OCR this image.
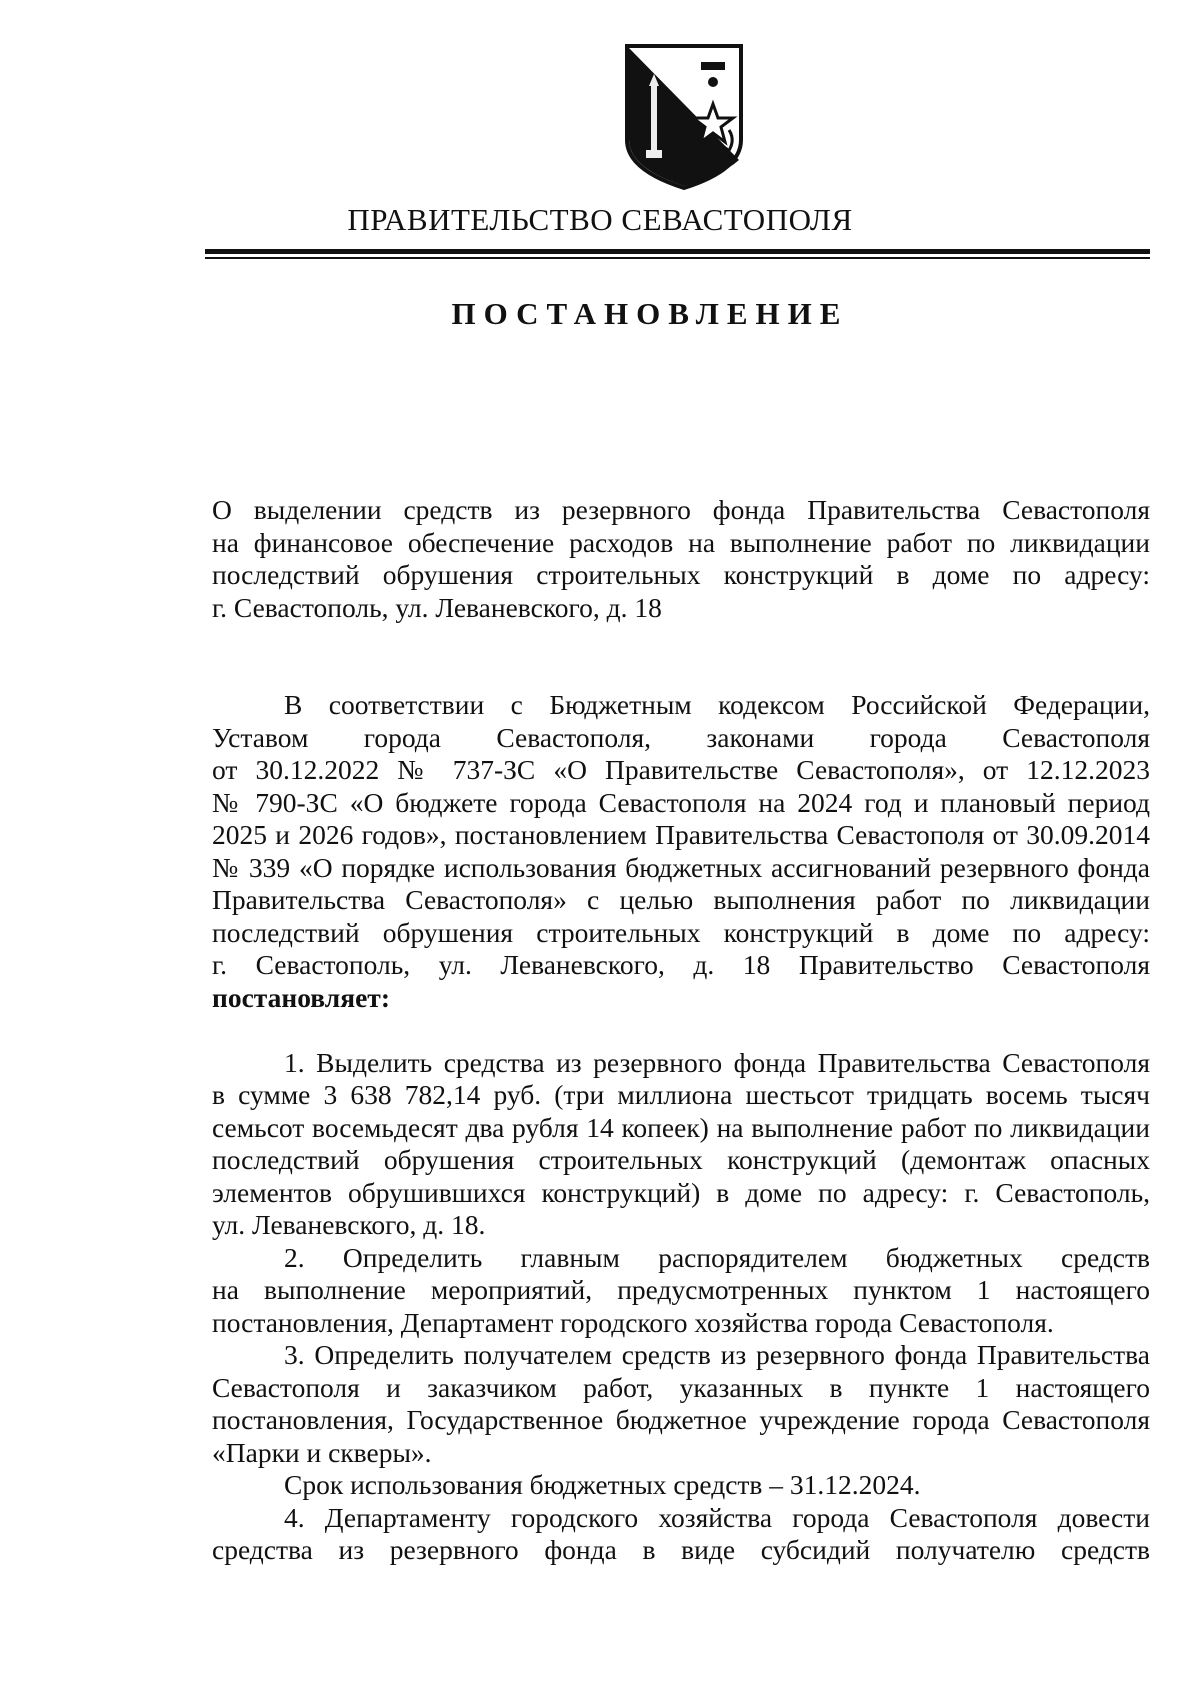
ПРАВИТЕЛЬСТВО СЕВАСТОПОЛЯ
ПОСТАНОВЛЕНИЕ
О выделении средств из резервного фонда Правительства Севастополя
на финансовое обеспечение расходов на выполнение работ по ликвидации
последствий обрушения строительных конструкций в доме по адресу:
г. Севастополь, ул. Леваневского, д. 18
В соответствии с Бюджетным кодексом Российской Федерации,
Уставом города Севастополя, законами города Севастополя
от 30.12.2022 № 737-ЗС «О Правительстве Севастополя», от 12.12.2023
№ 790-ЗС «О бюджете города Севастополя на 2024 год и плановый период
2025 и 2026 годов», постановлением Правительства Севастополя от 30.09.2014
№ 339 «О порядке использования бюджетных ассигнований резервного фонда
Правительства Севастополя» с целью выполнения работ по ликвидации
последствий обрушения строительных конструкций в доме по адресу:
г. Севастополь, ул. Леваневского, д. 18 Правительство Севастополя
постановляет:
1. Выделить средства из резервного фонда Правительства Севастополя
в сумме 3 638 782,14 руб. (три миллиона шестьсот тридцать восемь тысяч
семьсот восемьдесят два рубля 14 копеек) на выполнение работ по ликвидации
последствий обрушения строительных конструкций (демонтаж опасных
элементов обрушившихся конструкций) в доме по адресу: г. Севастополь,
ул. Леваневского, д. 18.
2. Определить главным распорядителем бюджетных средств
на выполнение мероприятий, предусмотренных пунктом 1 настоящего
постановления, Департамент городского хозяйства города Севастополя.
3. Определить получателем средств из резервного фонда Правительства
Севастополя и заказчиком работ, указанных в пункте 1 настоящего
постановления, Государственное бюджетное учреждение города Севастополя
«Парки и скверы».
Срок использования бюджетных средств – 31.12.2024.
4. Департаменту городского хозяйства города Севастополя довести
средства из резервного фонда в виде субсидий получателю средств
